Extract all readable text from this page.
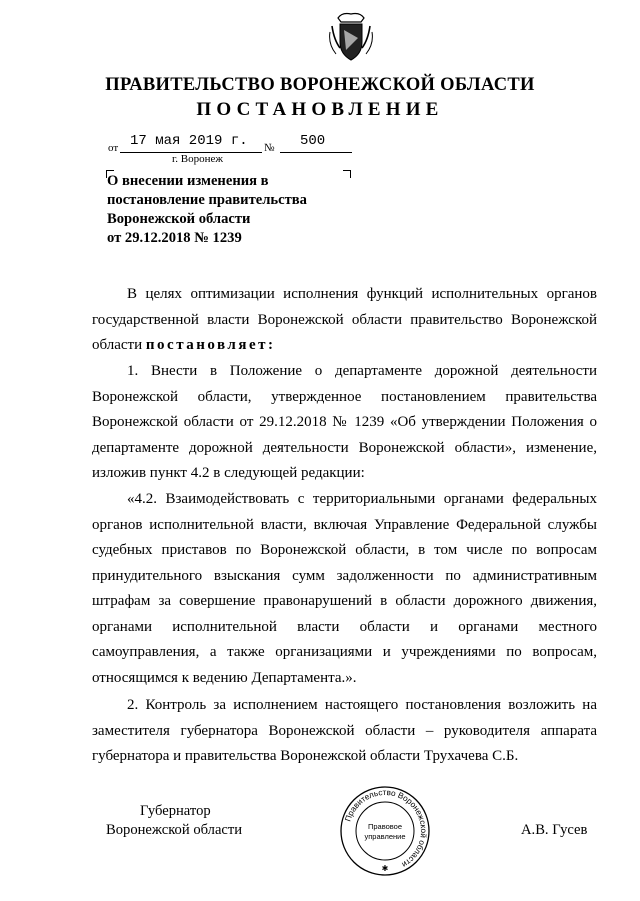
ПРАВИТЕЛЬСТВО ВОРОНЕЖСКОЙ ОБЛАСТИ
ПОСТАНОВЛЕНИЕ
от 17 мая 2019 г. № 500
г. Воронеж
О внесении изменения в
постановление правительства
Воронежской области
от 29.12.2018 № 1239

В целях оптимизации исполнения функций исполнительных органов государственной власти Воронежской области правительство Воронежской области постановляет:

1. Внести в Положение о департаменте дорожной деятельности Воронежской области, утвержденное постановлением правительства Воронежской области от 29.12.2018 № 1239 «Об утверждении Положения о департаменте дорожной деятельности Воронежской области», изменение, изложив пункт 4.2 в следующей редакции:

«4.2. Взаимодействовать с территориальными органами федеральных органов исполнительной власти, включая Управление Федеральной службы судебных приставов по Воронежской области, в том числе по вопросам принудительного взыскания сумм задолженности по административным штрафам за совершение правонарушений в области дорожного движения, органами исполнительной власти области и органами местного самоуправления, а также организациями и учреждениями по вопросам, относящимся к ведению Департамента.».

2. Контроль за исполнением настоящего постановления возложить на заместителя губернатора Воронежской области – руководителя аппарата губернатора и правительства Воронежской области Трухачева С.Б.

Губернатор
Воронежской области	А.В. Гусев
Правительство Воронежской области
Правовое
управление
✱
